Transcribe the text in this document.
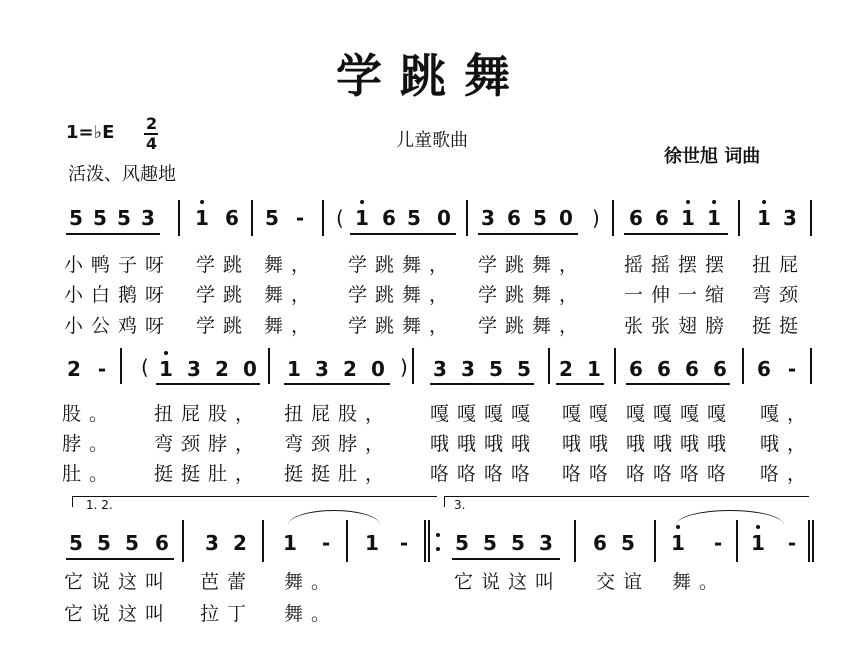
学跳舞
1=♭E 2
4
活泼、风趣地
儿童歌曲
徐世旭 词曲
5 5 5 3 1 6 5 -	1 6 5 0 3 6 5 0	6 6 1 1 1 3
(	)
2 -	1 3 2 0 1 3 2 0 3 3 5 5 2 1 6 6 6 6 6 -
(	)
5 5 5 6 3 2 1 - 1 - 5 5 5 3 6 5 1 - 1 -
1. 2.	3.
小鸭子呀 学跳 舞， 学跳舞， 学跳舞， 摇摇摆摆 扭屁
小白鹅呀 学跳 舞， 学跳舞， 学跳舞， 一伸一缩 弯颈
小公鸡呀 学跳 舞， 学跳舞， 学跳舞， 张张翅膀 挺挺
股。 扭屁股， 扭屁股， 嘎嘎嘎嘎 嘎嘎 嘎嘎嘎嘎 嘎，
脖。 弯颈脖， 弯颈脖， 哦哦哦哦 哦哦 哦哦哦哦 哦，
肚。 挺挺肚， 挺挺肚， 咯咯咯咯 咯咯 咯咯咯咯 咯，
它说这叫 芭蕾 舞。	它说这叫 交谊 舞。
它说这叫 拉丁 舞。
